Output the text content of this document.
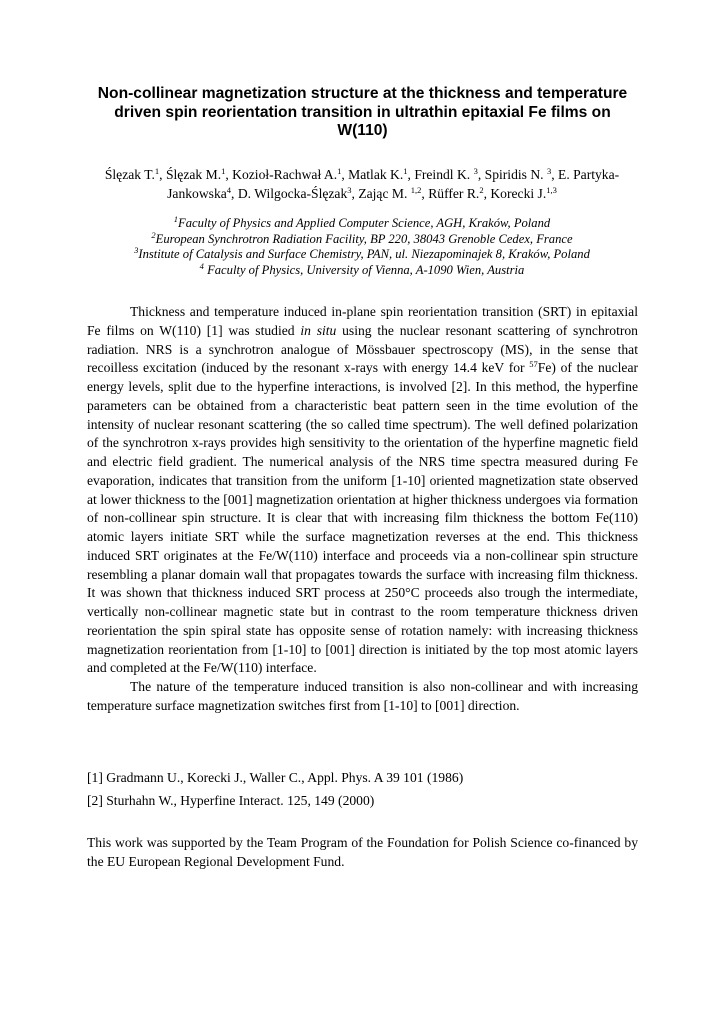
Non-collinear magnetization structure at the thickness and temperature driven spin reorientation transition in ultrathin epitaxial Fe films on W(110)
Ślęzak T.$^1$, Ślęzak M.$^1$, Kozioł-Rachwał A.$^1$, Matlak K.$^1$, Freindl K. $^3$, Spiridis N. $^3$, E. Partyka-Jankowska$^4$, D. Wilgocka-Ślęzak$^3$, Zając M. $^{1,2}$, Rüffer R.$^2$, Korecki J.$^{1,3}$
$^1$Faculty of Physics and Applied Computer Science, AGH, Kraków, Poland
$^2$European Synchrotron Radiation Facility, BP 220, 38043 Grenoble Cedex, France
$^3$Institute of Catalysis and Surface Chemistry, PAN, ul. Niezapominajek 8, Kraków, Poland
$^4$ Faculty of Physics, University of Vienna, A-1090 Wien, Austria

Thickness and temperature induced in-plane spin reorientation transition (SRT) in epitaxial Fe films on W(110) [1] was studied in situ using the nuclear resonant scattering of synchrotron radiation. NRS is a synchrotron analogue of Mössbauer spectroscopy (MS), in the sense that recoilless excitation (induced by the resonant x-rays with energy 14.4 keV for $^{57}$Fe) of the nuclear energy levels, split due to the hyperfine interactions, is involved [2]. In this method, the hyperfine parameters can be obtained from a characteristic beat pattern seen in the time evolution of the intensity of nuclear resonant scattering (the so called time spectrum). The well defined polarization of the synchrotron x-rays provides high sensitivity to the orientation of the hyperfine magnetic field and electric field gradient. The numerical analysis of the NRS time spectra measured during Fe evaporation, indicates that transition from the uniform [1-10] oriented magnetization state observed at lower thickness to the [001] magnetization orientation at higher thickness undergoes via formation of non-collinear spin structure. It is clear that with increasing film thickness the bottom Fe(110) atomic layers initiate SRT while the surface magnetization reverses at the end. This thickness induced SRT originates at the Fe/W(110) interface and proceeds via a non-collinear spin structure resembling a planar domain wall that propagates towards the surface with increasing film thickness. It was shown that thickness induced SRT process at 250°C proceeds also trough the intermediate, vertically non-collinear magnetic state but in contrast to the room temperature thickness driven reorientation the spin spiral state has opposite sense of rotation namely: with increasing thickness magnetization reorientation from [1-10] to [001] direction is initiated by the top most atomic layers and completed at the Fe/W(110) interface.

The nature of the temperature induced transition is also non-collinear and with increasing temperature surface magnetization switches first from [1-10] to [001] direction.

[1] Gradmann U., Korecki J., Waller C., Appl. Phys. A 39 101 (1986)
[2] Sturhahn W., Hyperfine Interact. 125, 149 (2000)

This work was supported by the Team Program of the Foundation for Polish Science co-financed by the EU European Regional Development Fund.
